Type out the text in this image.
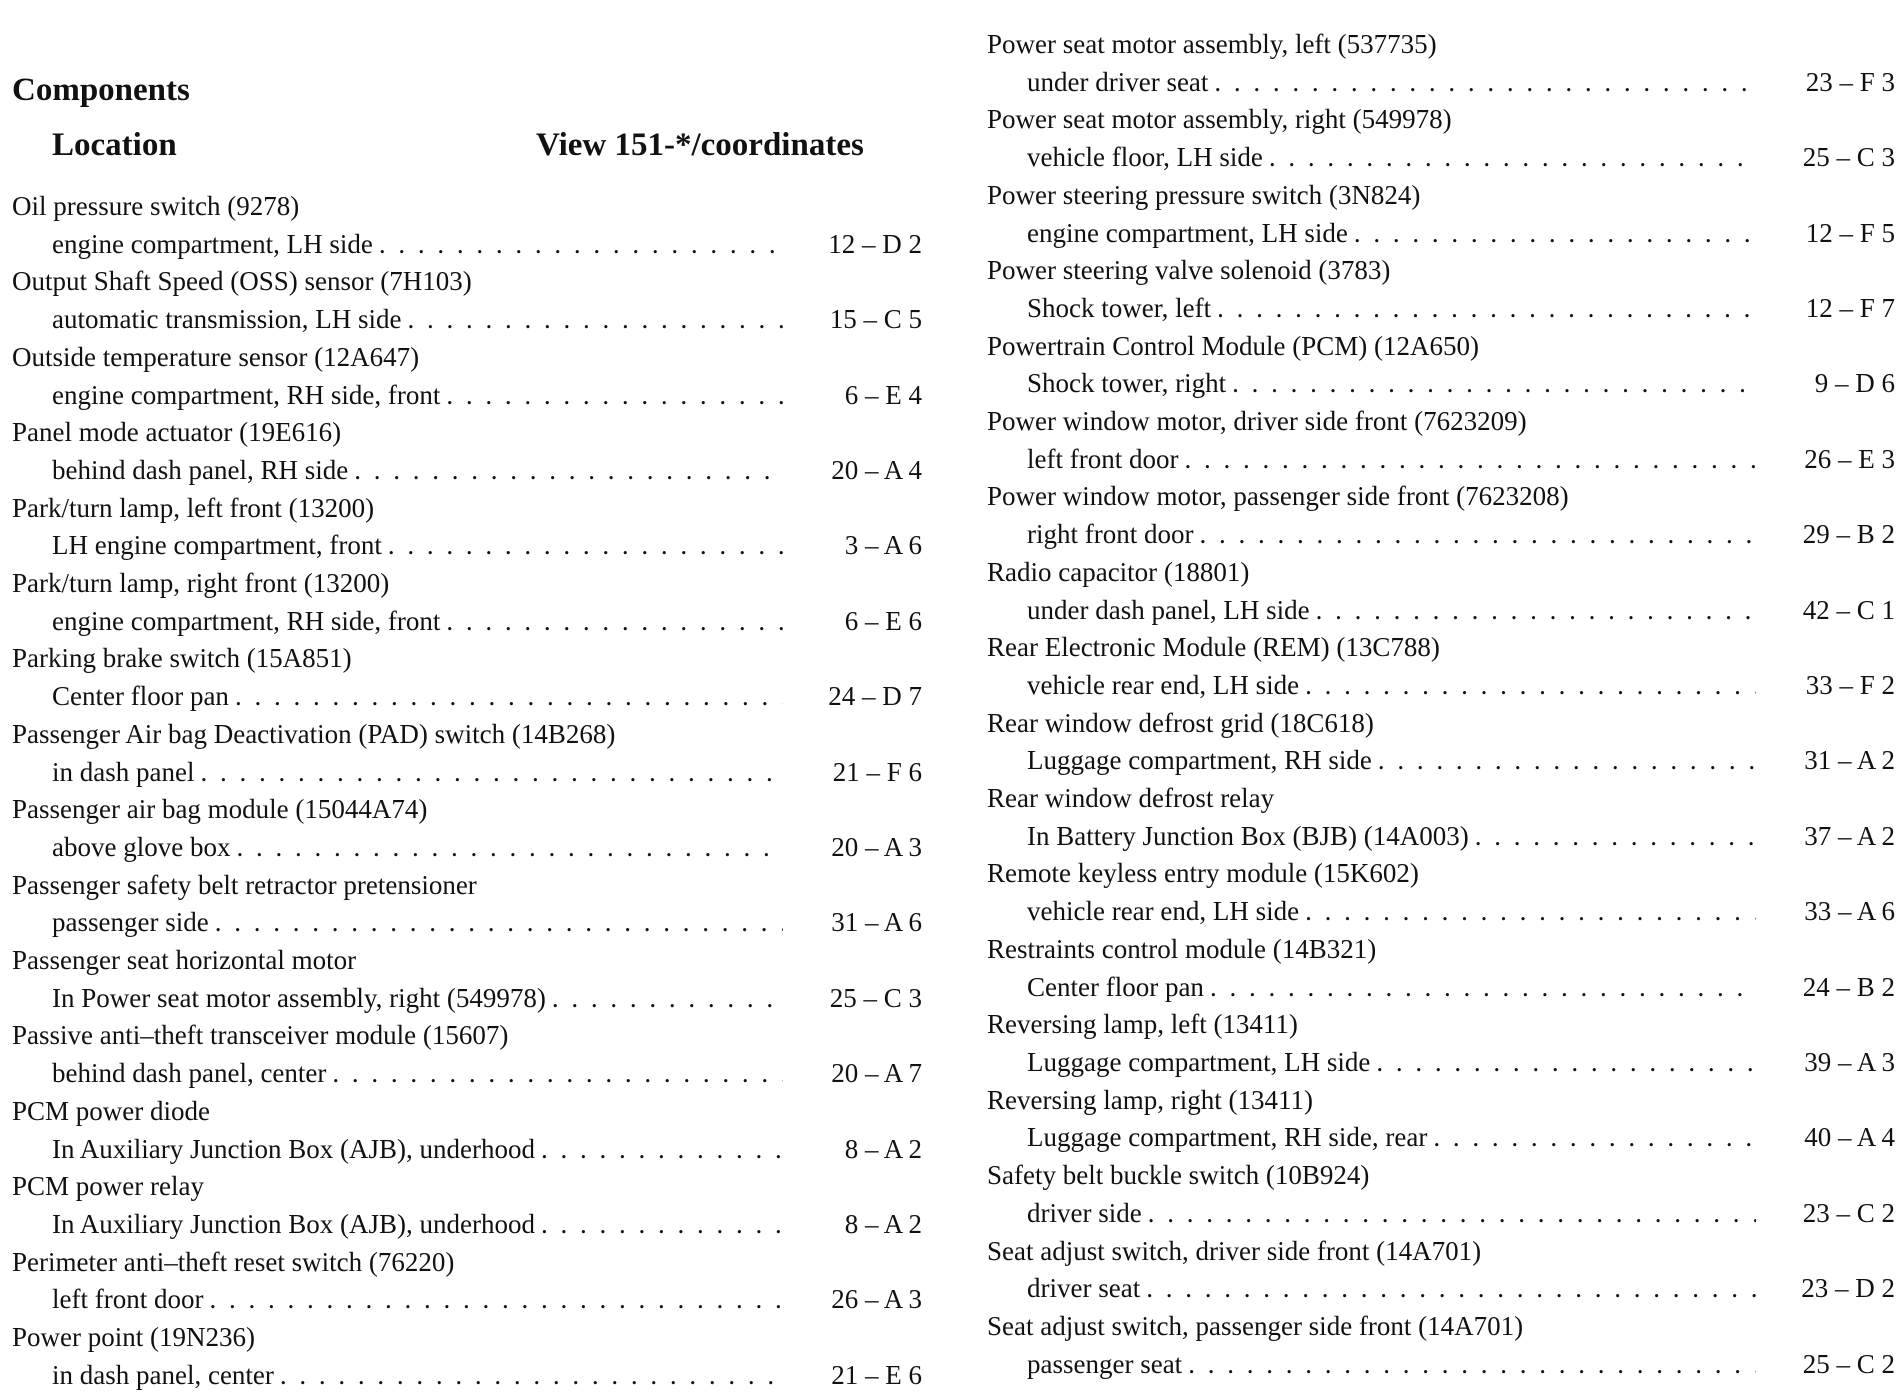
Components
Location	View 151-*/coordinates
Oil pressure switch (9278)
engine compartment, LH side . . .	12 – D 2
Output Shaft Speed (OSS) sensor (7H103)
automatic transmission, LH side . . .	15 – C 5
Outside temperature sensor (12A647)
engine compartment, RH side, front . . .	6 – E 4
Panel mode actuator (19E616)
behind dash panel, RH side . . .	20 – A 4
Park/turn lamp, left front (13200)
LH engine compartment, front . . .	3 – A 6
Park/turn lamp, right front (13200)
engine compartment, RH side, front . . .	6 – E 6
Parking brake switch (15A851)
Center floor pan . . .	24 – D 7
Passenger Air bag Deactivation (PAD) switch (14B268)
in dash panel . . .	21 – F 6
Passenger air bag module (15044A74)
above glove box . . .	20 – A 3
Passenger safety belt retractor pretensioner
passenger side . . .	31 – A 6
Passenger seat horizontal motor
In Power seat motor assembly, right (549978) . . .	25 – C 3
Passive anti–theft transceiver module (15607)
behind dash panel, center . . .	20 – A 7
PCM power diode
In Auxiliary Junction Box (AJB), underhood . . .	8 – A 2
PCM power relay
In Auxiliary Junction Box (AJB), underhood . . .	8 – A 2
Perimeter anti–theft reset switch (76220)
left front door . . .	26 – A 3
Power point (19N236)
in dash panel, center . . .	21 – E 6
Power seat motor assembly, left (537735)
under driver seat . . .	23 – F 3
Power seat motor assembly, right (549978)
vehicle floor, LH side . . .	25 – C 3
Power steering pressure switch (3N824)
engine compartment, LH side . . .	12 – F 5
Power steering valve solenoid (3783)
Shock tower, left . . .	12 – F 7
Powertrain Control Module (PCM) (12A650)
Shock tower, right . . .	9 – D 6
Power window motor, driver side front (7623209)
left front door . . .	26 – E 3
Power window motor, passenger side front (7623208)
right front door . . .	29 – B 2
Radio capacitor (18801)
under dash panel, LH side . . .	42 – C 1
Rear Electronic Module (REM) (13C788)
vehicle rear end, LH side . . .	33 – F 2
Rear window defrost grid (18C618)
Luggage compartment, RH side . . .	31 – A 2
Rear window defrost relay
In Battery Junction Box (BJB) (14A003) . . .	37 – A 2
Remote keyless entry module (15K602)
vehicle rear end, LH side . . .	33 – A 6
Restraints control module (14B321)
Center floor pan . . .	24 – B 2
Reversing lamp, left (13411)
Luggage compartment, LH side . . .	39 – A 3
Reversing lamp, right (13411)
Luggage compartment, RH side, rear . . .	40 – A 4
Safety belt buckle switch (10B924)
driver side . . .	23 – C 2
Seat adjust switch, driver side front (14A701)
driver seat . . .	23 – D 2
Seat adjust switch, passenger side front (14A701)
passenger seat . . .	25 – C 2
